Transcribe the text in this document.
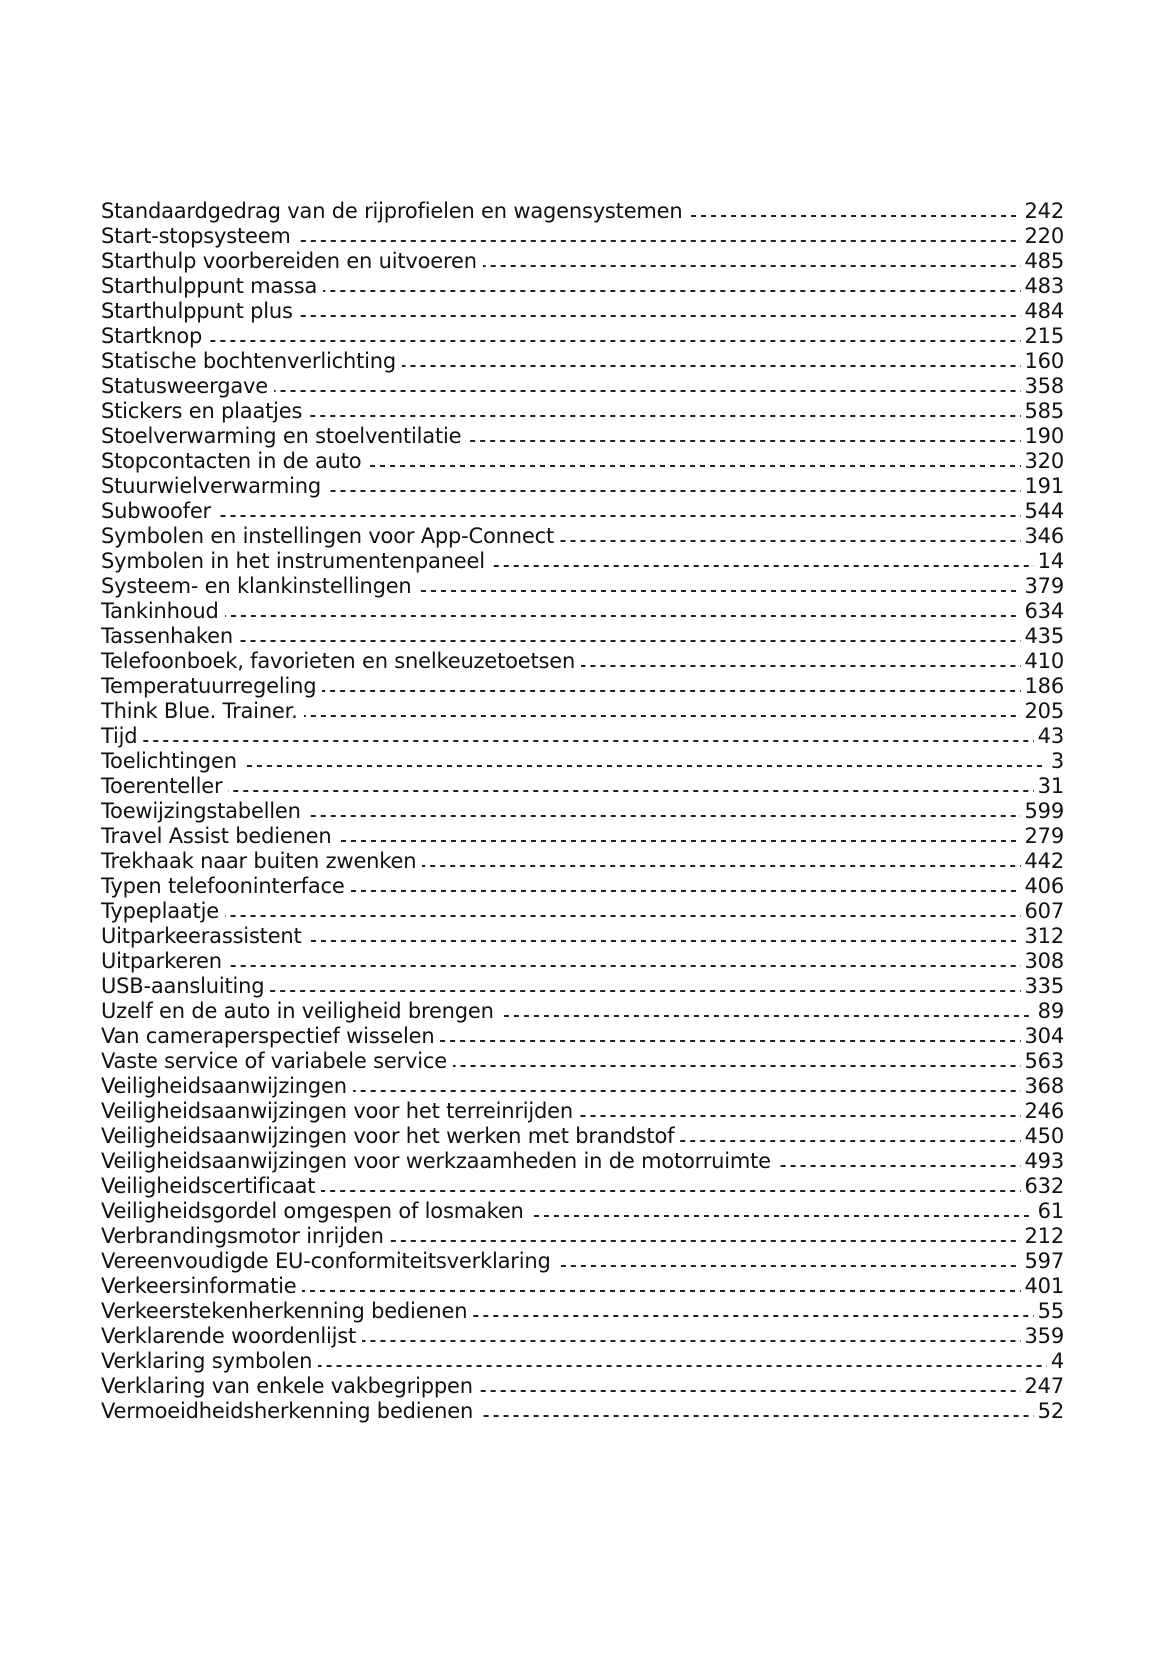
Standaardgedrag van de rijprofielen en wagensystemen	242
Start-stopsysteem	220
Starthulp voorbereiden en uitvoeren	485
Starthulppunt massa	483
Starthulppunt plus	484
Startknop	215
Statische bochtenverlichting	160
Statusweergave	358
Stickers en plaatjes	585
Stoelverwarming en stoelventilatie	190
Stopcontacten in de auto	320
Stuurwielverwarming	191
Subwoofer	544
Symbolen en instellingen voor App-Connect	346
Symbolen in het instrumentenpaneel	14
Systeem- en klankinstellingen	379
Tankinhoud	634
Tassenhaken	435
Telefoonboek, favorieten en snelkeuzetoetsen	410
Temperatuurregeling	186
Think Blue. Trainer.	205
Tijd	43
Toelichtingen	3
Toerenteller	31
Toewijzingstabellen	599
Travel Assist bedienen	279
Trekhaak naar buiten zwenken	442
Typen telefooninterface	406
Typeplaatje	607
Uitparkeerassistent	312
Uitparkeren	308
USB-aansluiting	335
Uzelf en de auto in veiligheid brengen	89
Van cameraperspectief wisselen	304
Vaste service of variabele service	563
Veiligheidsaanwijzingen	368
Veiligheidsaanwijzingen voor het terreinrijden	246
Veiligheidsaanwijzingen voor het werken met brandstof	450
Veiligheidsaanwijzingen voor werkzaamheden in de motorruimte	493
Veiligheidscertificaat	632
Veiligheidsgordel omgespen of losmaken	61
Verbrandingsmotor inrijden	212
Vereenvoudigde EU-conformiteitsverklaring	597
Verkeersinformatie	401
Verkeerstekenherkenning bedienen	55
Verklarende woordenlijst	359
Verklaring symbolen	4
Verklaring van enkele vakbegrippen	247
Vermoeidheidsherkenning bedienen	52
